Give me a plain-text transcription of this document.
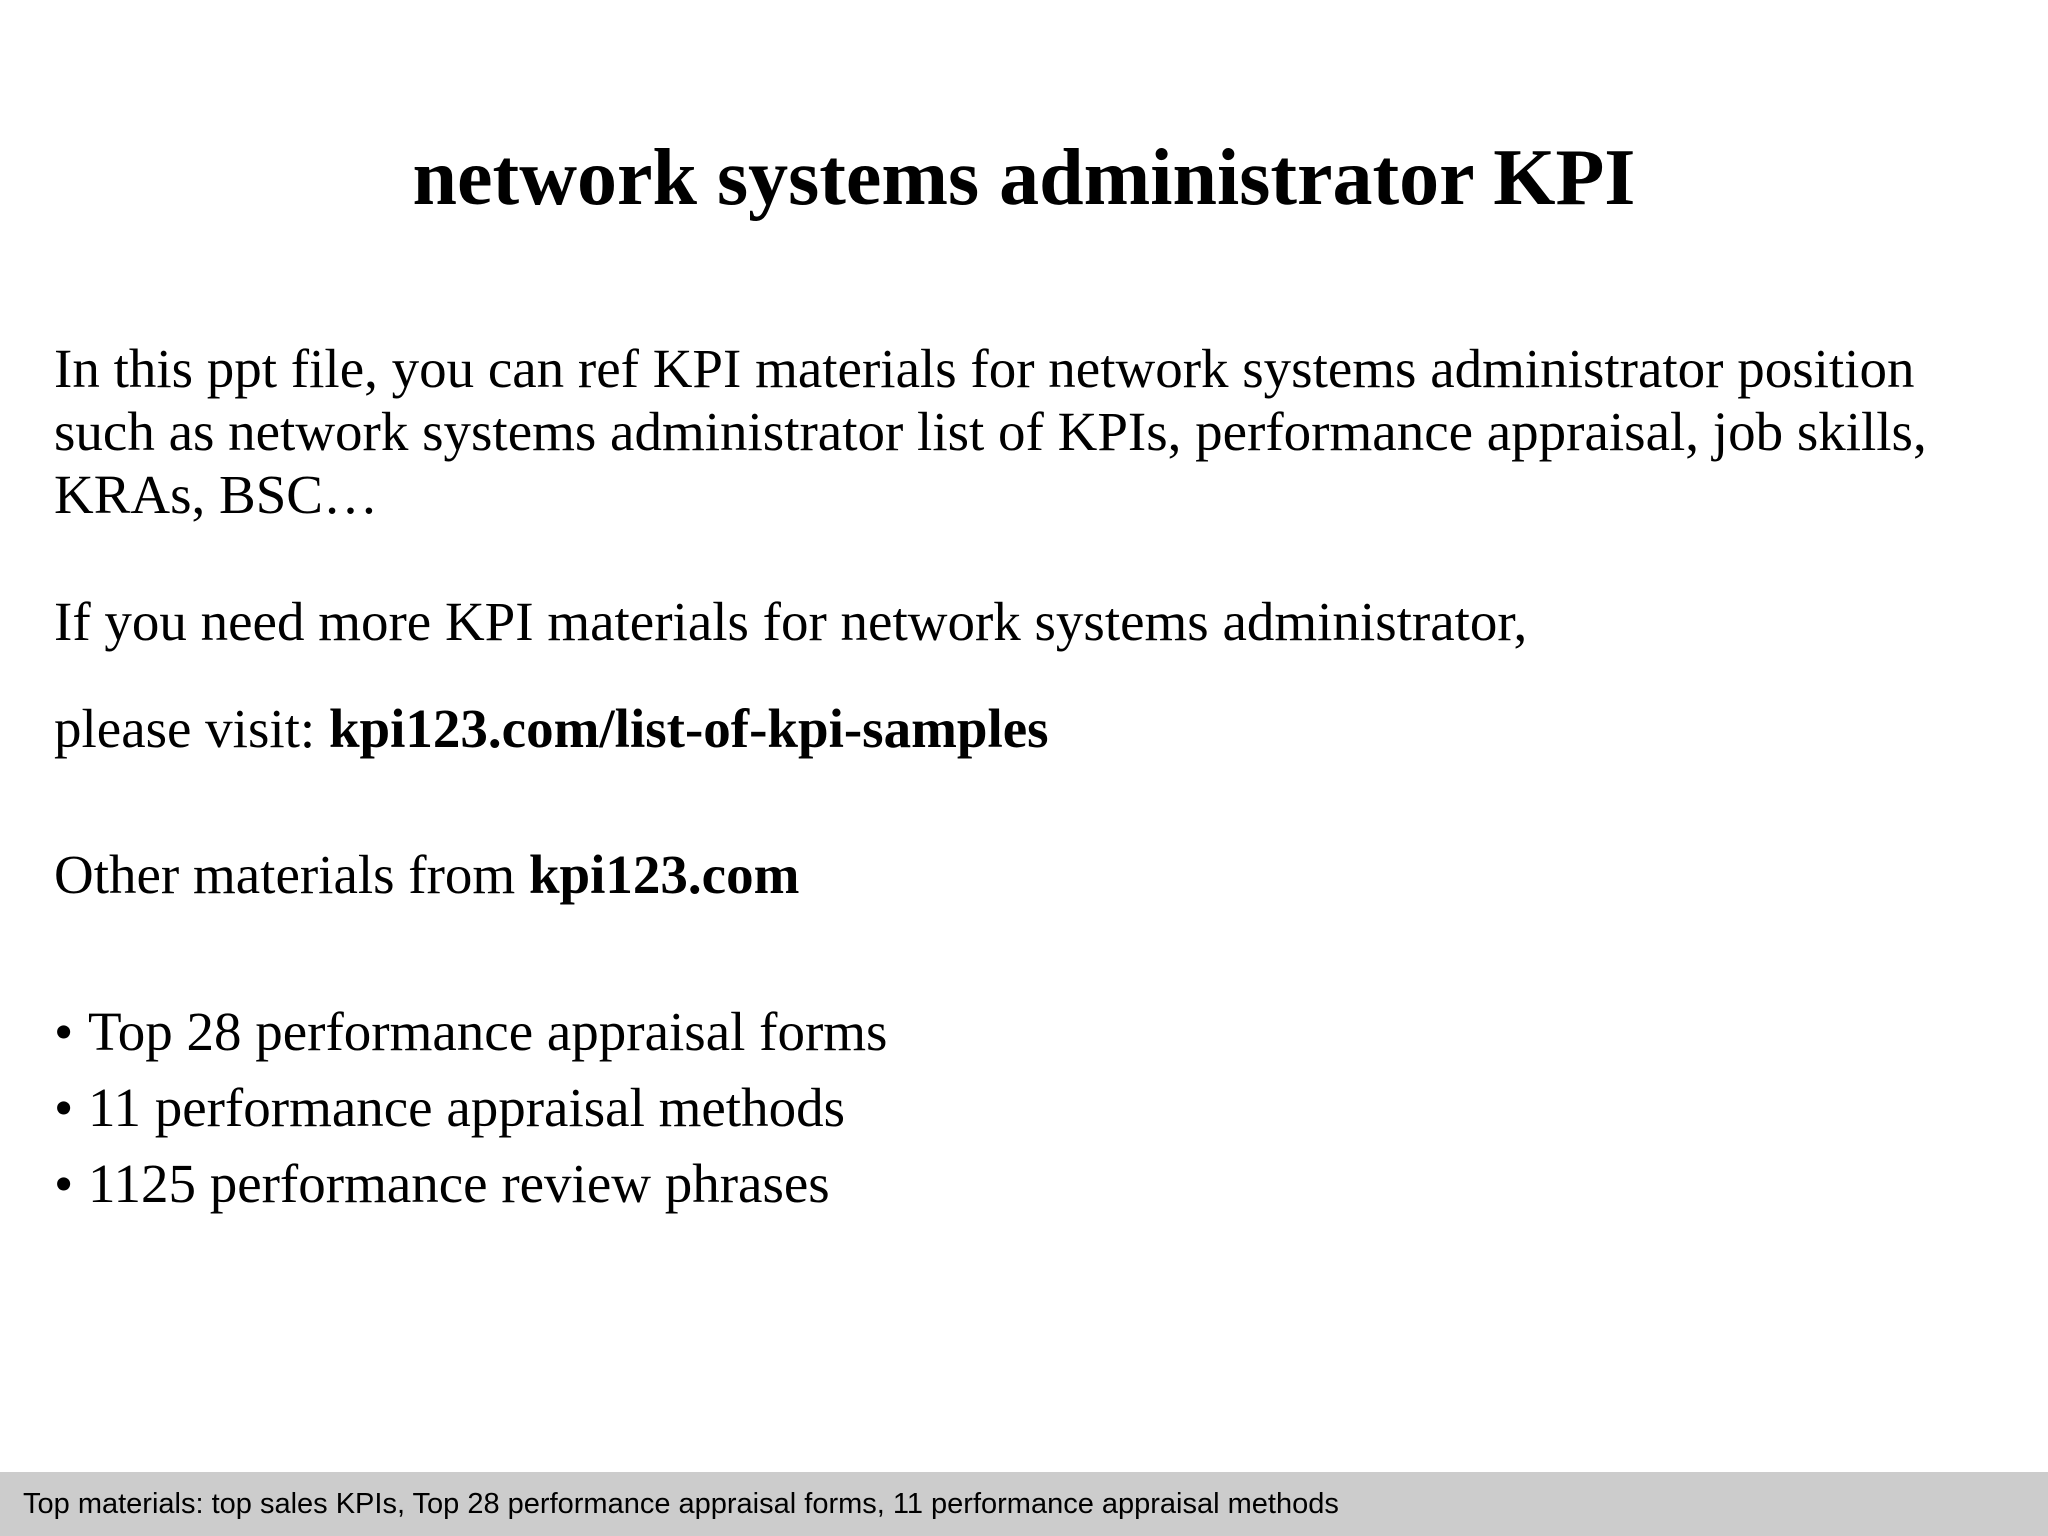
network systems administrator KPI

In this ppt file, you can ref KPI materials for network systems administrator position such as network systems administrator list of KPIs, performance appraisal, job skills, KRAs, BSC…

If you need more KPI materials for network systems administrator,

please visit: kpi123.com/list-of-kpi-samples

Other materials from kpi123.com

• Top 28 performance appraisal forms
• 11 performance appraisal methods
• 1125 performance review phrases
Top materials: top sales KPIs, Top 28 performance appraisal forms, 11 performance appraisal methods
